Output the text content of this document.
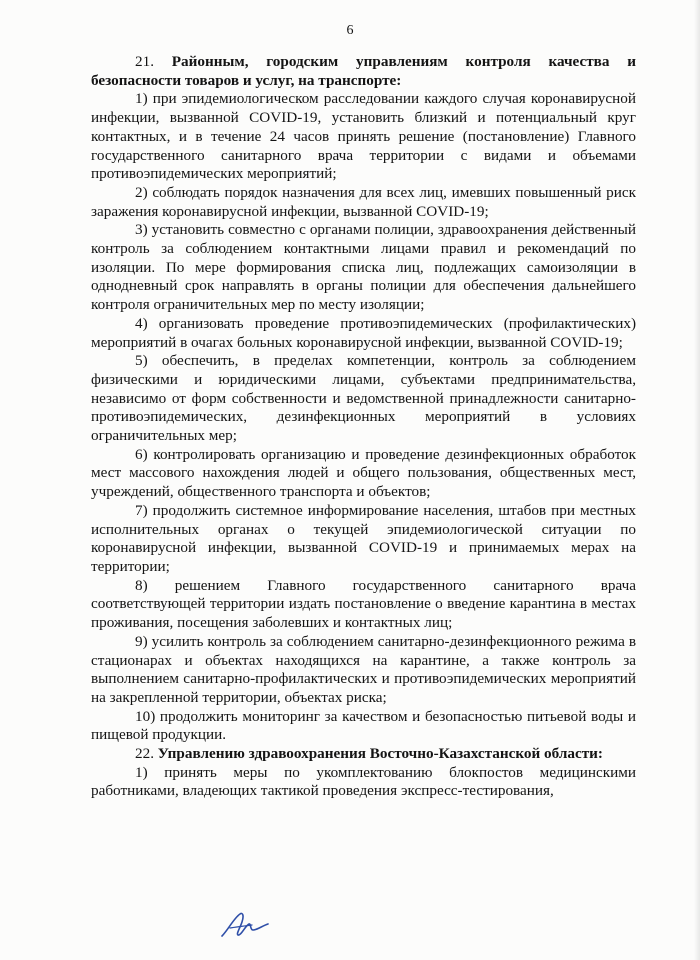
6

21. Районным, городским управлениям контроля качества и безопасности товаров и услуг, на транспорте:

1) при эпидемиологическом расследовании каждого случая коронавирусной инфекции, вызванной COVID-19, установить близкий и потенциальный круг контактных, и в течение 24 часов принять решение (постановление) Главного государственного санитарного врача территории с видами и объемами противоэпидемических мероприятий;

2) соблюдать порядок назначения для всех лиц, имевших повышенный риск заражения коронавирусной инфекции, вызванной COVID-19;

3) установить совместно с органами полиции, здравоохранения действенный контроль за соблюдением контактными лицами правил и рекомендаций по изоляции. По мере формирования списка лиц, подлежащих самоизоляции в однодневный срок направлять в органы полиции для обеспечения дальнейшего контроля ограничительных мер по месту изоляции;

4) организовать проведение противоэпидемических (профилактических) мероприятий в очагах больных коронавирусной инфекции, вызванной COVID-19;

5) обеспечить, в пределах компетенции, контроль за соблюдением физическими и юридическими лицами, субъектами предпринимательства, независимо от форм собственности и ведомственной принадлежности санитарно-противоэпидемических, дезинфекционных мероприятий в условиях ограничительных мер;

6) контролировать организацию и проведение дезинфекционных обработок мест массового нахождения людей и общего пользования, общественных мест, учреждений, общественного транспорта и объектов;

7) продолжить системное информирование населения, штабов при местных исполнительных органах о текущей эпидемиологической ситуации по коронавирусной инфекции, вызванной COVID-19 и принимаемых мерах на территории;

8) решением Главного государственного санитарного врача соответствующей территории издать постановление о введение карантина в местах проживания, посещения заболевших и контактных лиц;

9) усилить контроль за соблюдением санитарно-дезинфекционного режима в стационарах и объектах находящихся на карантине, а также контроль за выполнением санитарно-профилактических и противоэпидемических мероприятий на закрепленной территории, объектах риска;

10) продолжить мониторинг за качеством и безопасностью питьевой воды и пищевой продукции.

22. Управлению здравоохранения Восточно-Казахстанской области:

1) принять меры по укомплектованию блокпостов медицинскими работниками, владеющих тактикой проведения экспресс-тестирования,
